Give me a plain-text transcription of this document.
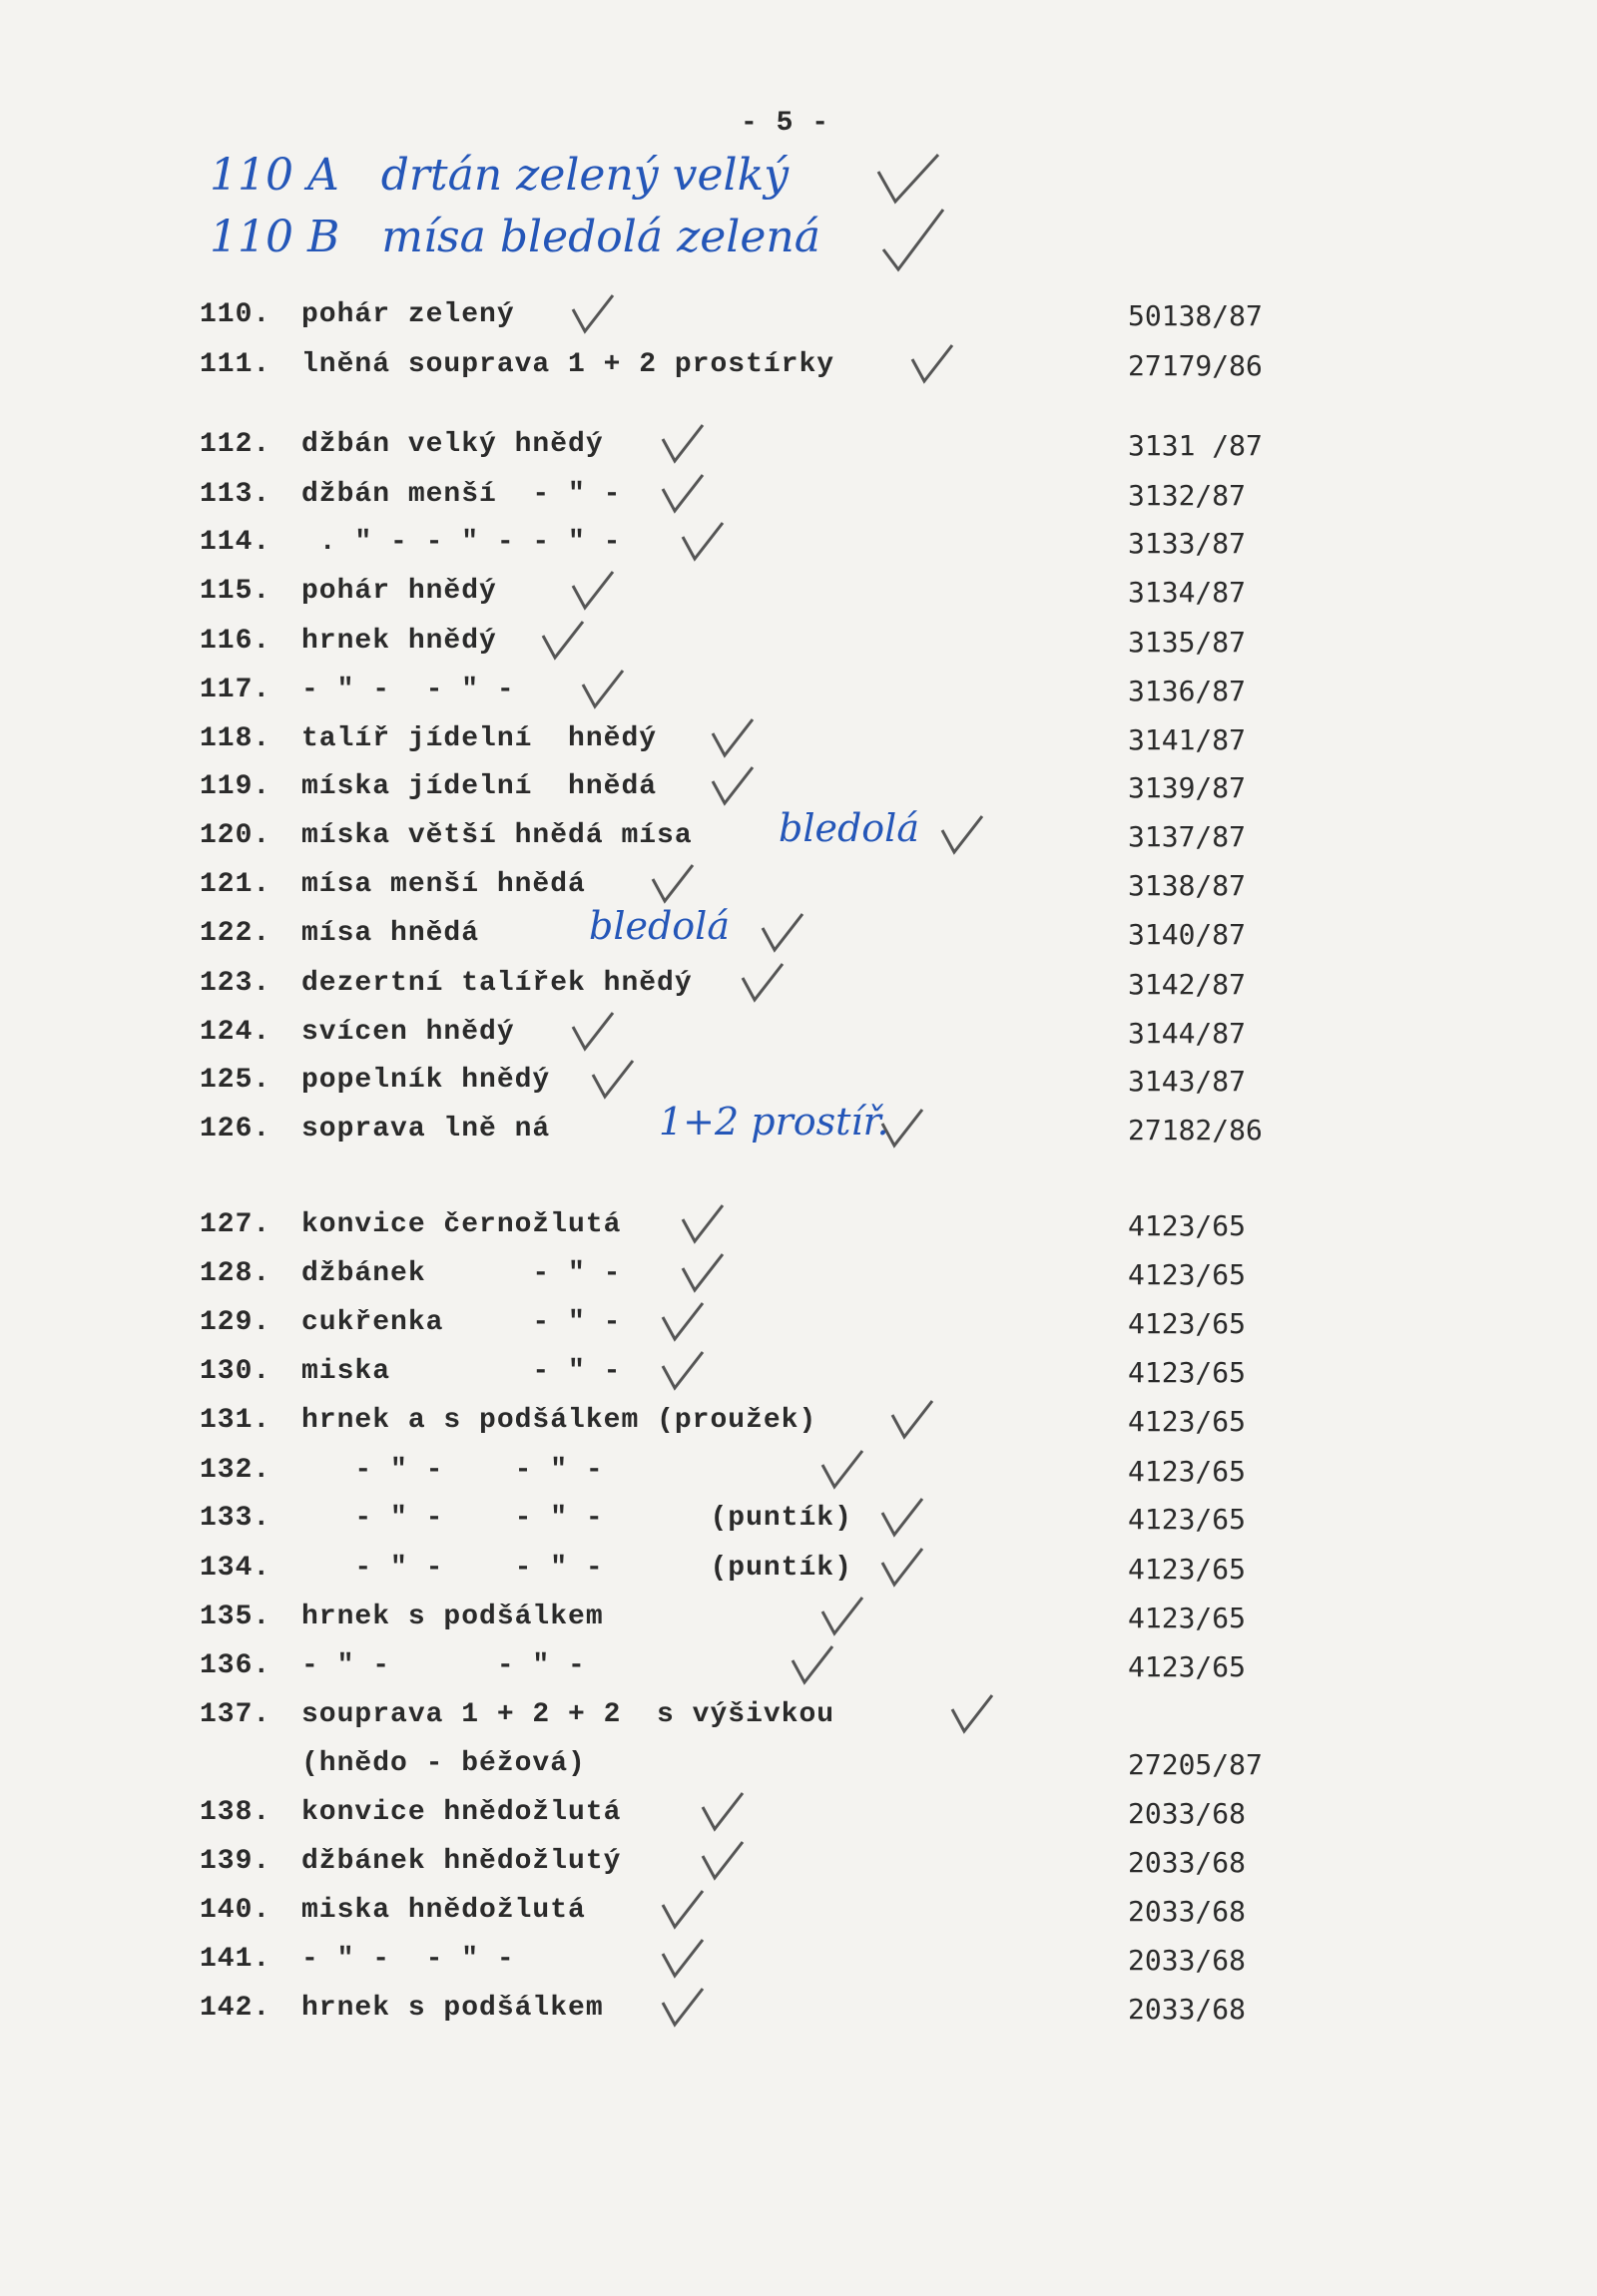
- 5 -
110 A   drtán zelený velký
110 B   mísa bledolá zelená
110.	pohár zelený	50138/87
111.	lněná souprava 1 + 2 prostírky	27179/86
112.	džbán velký hnědý	3131 /87
113.	džbán menší  - " -	3132/87
114.	. " - - " - - " -	3133/87
115.	pohár hnědý	3134/87
116.	hrnek hnědý	3135/87
117.	- " -  - " -	3136/87
118.	talíř jídelní  hnědý	3141/87
119.	míska jídelní  hnědá	3139/87
120.	míska větší hnědá mísa	3137/87
bledolá
121.	mísa menší hnědá	3138/87
122.	mísa hnědá	3140/87
bledolá
123.	dezertní talířek hnědý	3142/87
124.	svícen hnědý	3144/87
125.	popelník hnědý	3143/87
126.	soprava lně ná	27182/86
1+2 prostíř.
127.	konvice černožlutá	4123/65
128.	džbánek      - " -	4123/65
129.	cukřenka     - " -	4123/65
130.	miska        - " -	4123/65
131.	hrnek a s podšálkem (proužek)	4123/65
132.	- " -    - " -	4123/65
133.	- " -    - " -      (puntík)	4123/65
134.	- " -    - " -      (puntík)	4123/65
135.	hrnek s podšálkem	4123/65
136.	- " -      - " -	4123/65
137.	souprava 1 + 2 + 2  s výšivkou
(hnědo - béžová)	27205/87
138.	konvice hnědožlutá	2033/68
139.	džbánek hnědožlutý	2033/68
140.	miska hnědožlutá	2033/68
141.	- " -  - " -	2033/68
142.	hrnek s podšálkem	2033/68
